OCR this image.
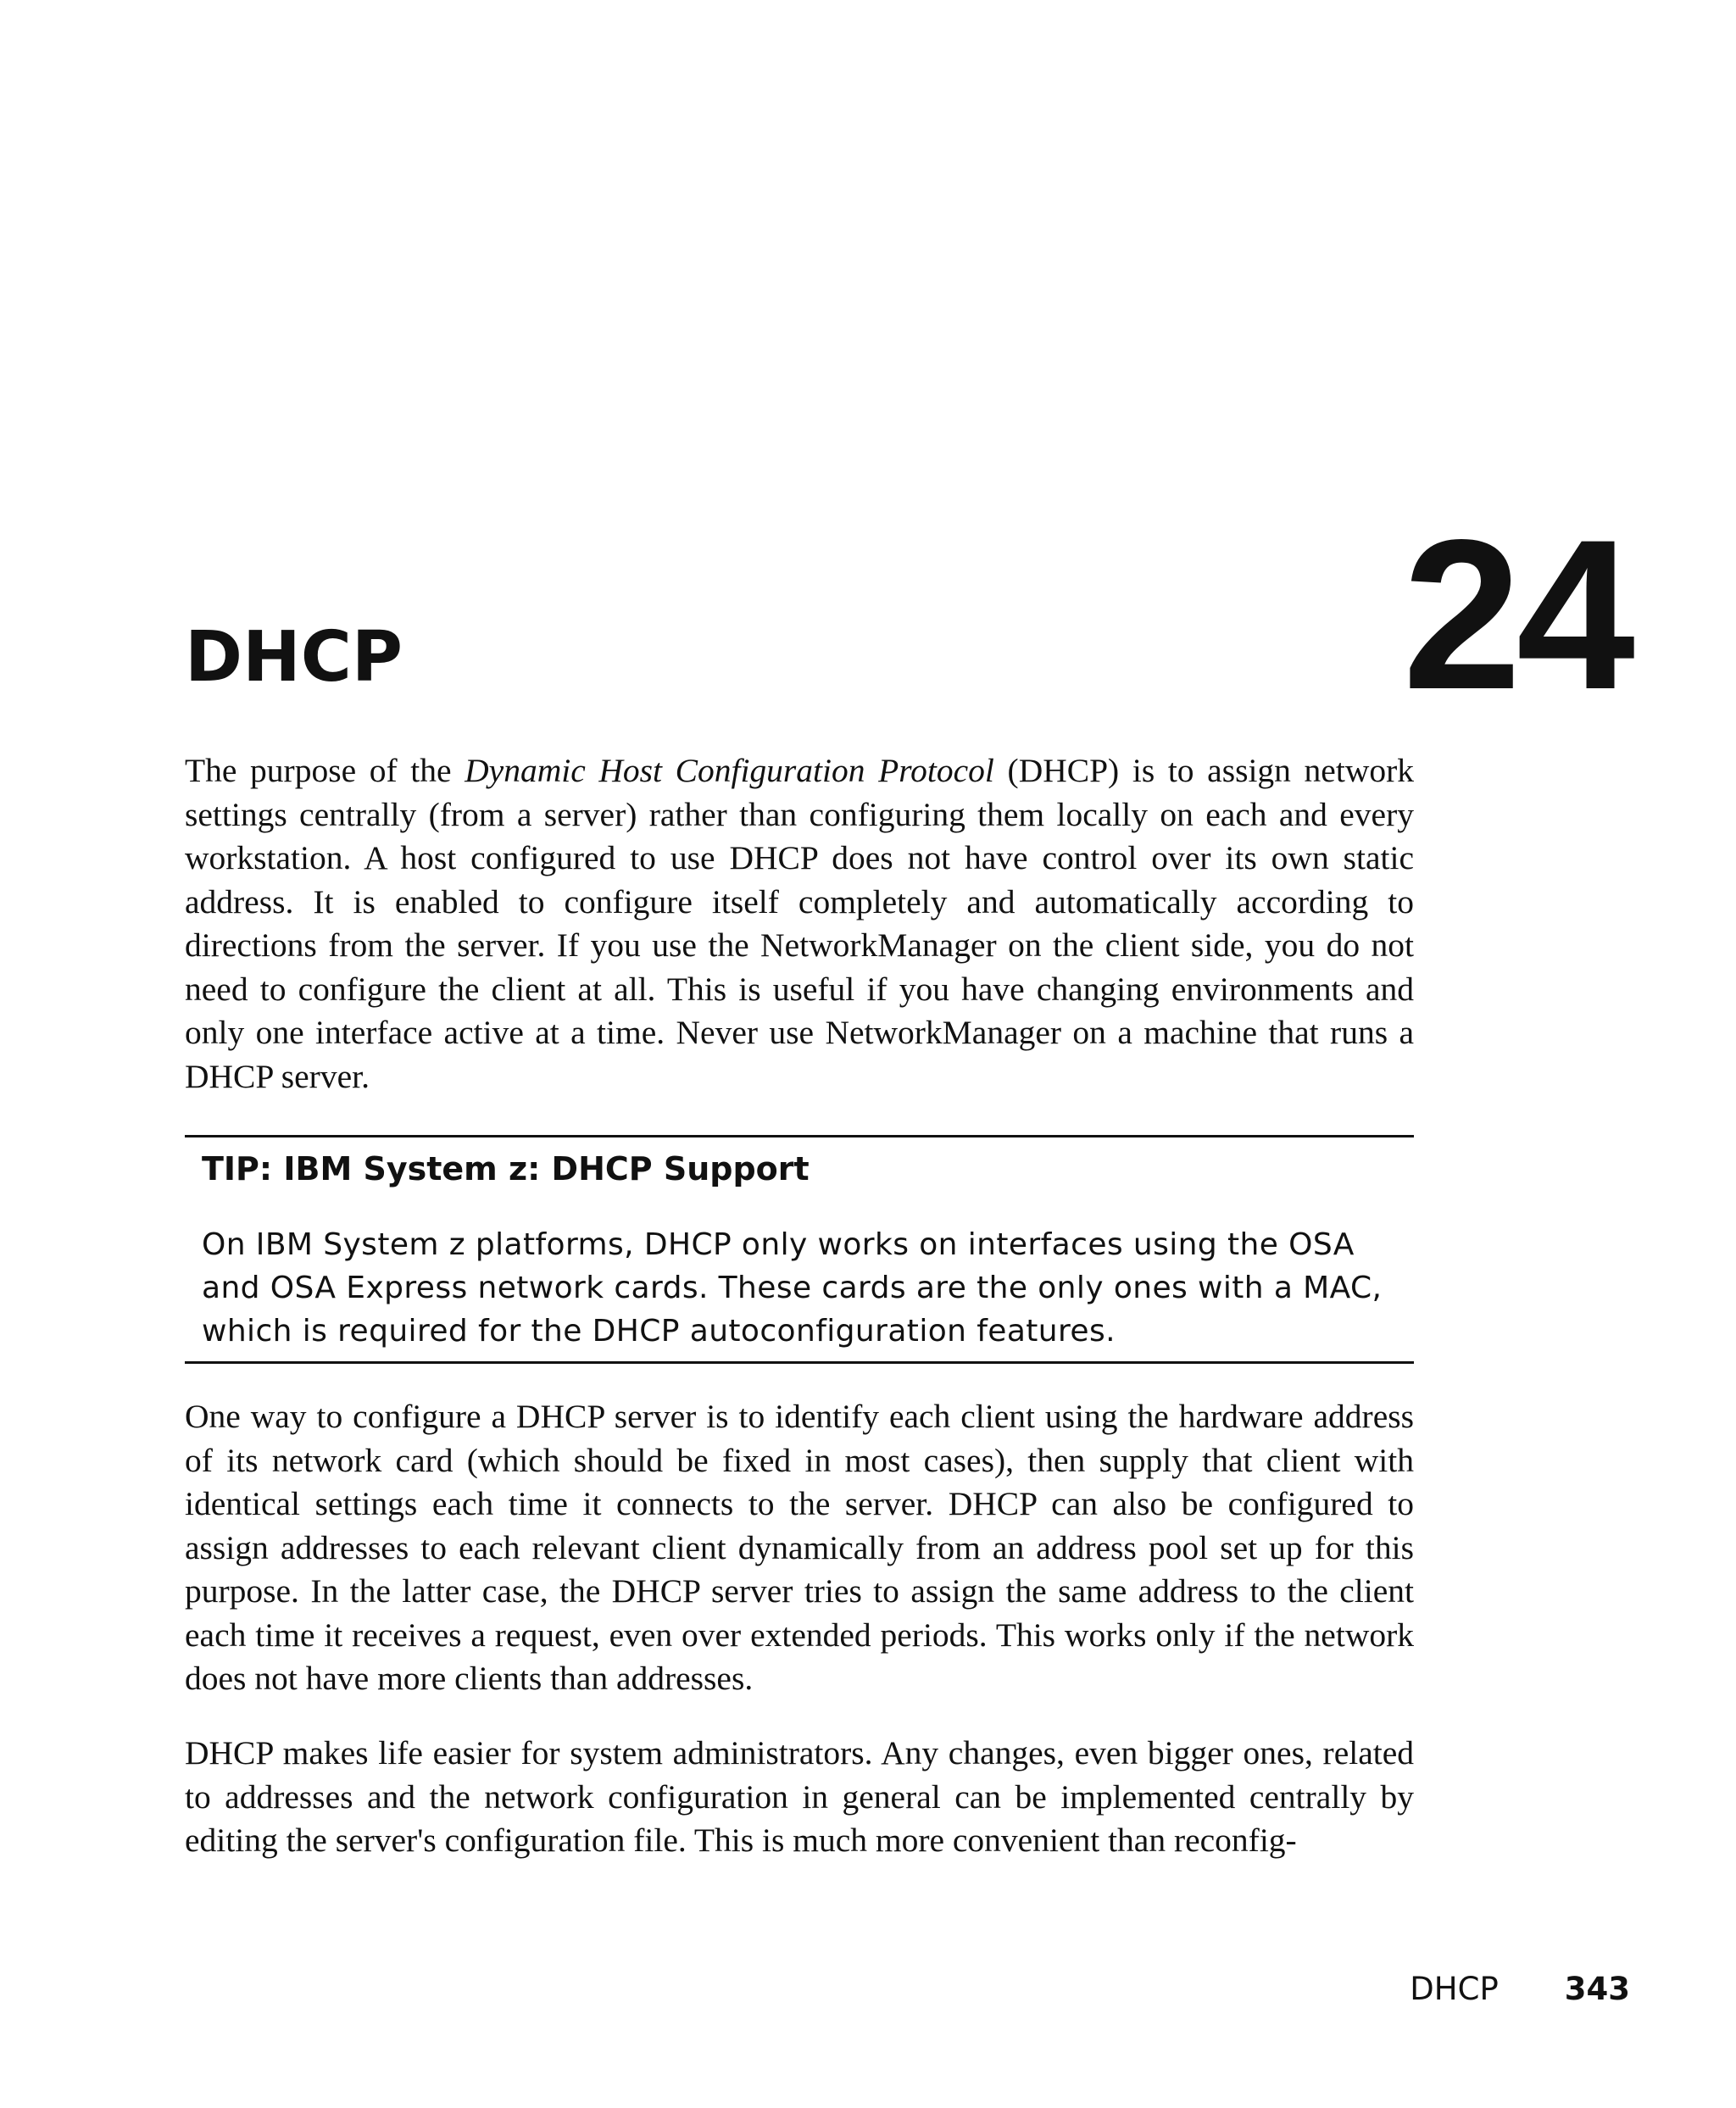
24
DHCP

The purpose of the Dynamic Host Configuration Protocol (DHCP) is to assign network settings centrally (from a server) rather than configuring them locally on each and every workstation. A host configured to use DHCP does not have control over its own static address. It is enabled to configure itself completely and automatically according to directions from the server. If you use the NetworkManager on the client side, you do not need to configure the client at all. This is useful if you have changing environments and only one interface active at a time. Never use NetworkManager on a machine that runs a DHCP server.

TIP: IBM System z: DHCP Support

On IBM System z platforms, DHCP only works on interfaces using the OSA and OSA Express network cards. These cards are the only ones with a MAC, which is required for the DHCP autoconfiguration features.

One way to configure a DHCP server is to identify each client using the hardware address of its network card (which should be fixed in most cases), then supply that client with identical settings each time it connects to the server. DHCP can also be configured to assign addresses to each relevant client dynamically from an address pool set up for this purpose. In the latter case, the DHCP server tries to assign the same address to the client each time it receives a request, even over extended periods. This works only if the network does not have more clients than addresses.

DHCP makes life easier for system administrators. Any changes, even bigger ones, related to addresses and the network configuration in general can be implemented centrally by editing the server's configuration file. This is much more convenient than reconfig-

DHCP 343
